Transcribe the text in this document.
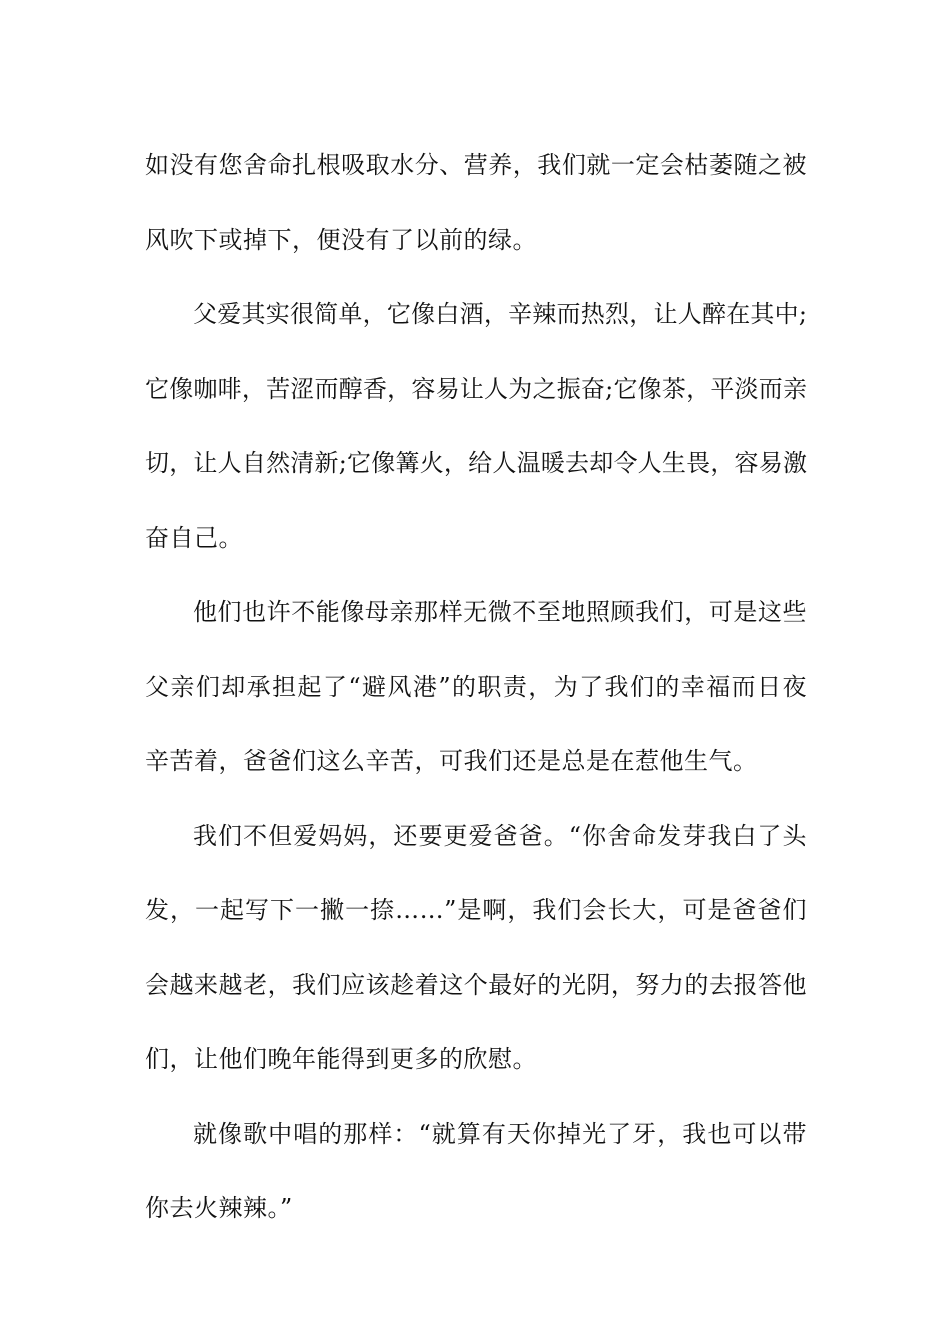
如没有您舍命扎根吸取水分、营养，我们就一定会枯萎随之被
风吹下或掉下，便没有了以前的绿。

父爱其实很简单，它像白酒，辛辣而热烈，让人醉在其中;
它像咖啡，苦涩而醇香，容易让人为之振奋;它像茶，平淡而亲
切，让人自然清新;它像篝火，给人温暖去却令人生畏，容易激
奋自己。

他们也许不能像母亲那样无微不至地照顾我们，可是这些
父亲们却承担起了“避风港”的职责，为了我们的幸福而日夜
辛苦着，爸爸们这么辛苦，可我们还是总是在惹他生气。

我们不但爱妈妈，还要更爱爸爸。“你舍命发芽我白了头
发，一起写下一撇一捺……”是啊，我们会长大，可是爸爸们
会越来越老，我们应该趁着这个最好的光阴，努力的去报答他
们，让他们晚年能得到更多的欣慰。

就像歌中唱的那样：“就算有天你掉光了牙，我也可以带
你去火辣辣。”
